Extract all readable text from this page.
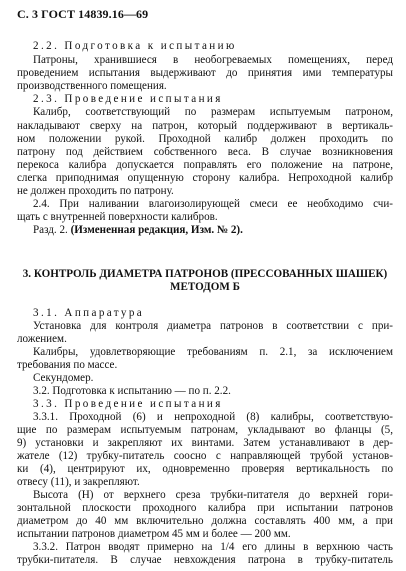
С. 3 ГОСТ 14839.16—69
2.2. Подготовка к испытанию
Патроны, хранившиеся в необогреваемых помещениях, перед
проведением испытания выдерживают до принятия ими температуры
производственного помещения.
2.3. Проведение испытания
Калибр, соответствующий по размерам испытуемым патроном,
накладывают сверху на патрон, который поддерживают в вертикаль-
ном положении рукой. Проходной калибр должен проходить по
патрону под действием собственного веса. В случае возникновения
перекоса калибра допускается поправлять его положение на патроне,
слегка приподнимая опущенную сторону калибра. Непроходной калибр
не должен проходить по патрону.
2.4. При наливании влагоизолирующей смеси ее необходимо счи-
щать с внутренней поверхности калибров.
3. КОНТРОЛЬ ДИАМЕТРА ПАТРОНОВ (ПРЕССОВАННЫХ ШАШЕК)
МЕТОДОМ Б
3.1. Аппаратура
Установка для контроля диаметра патронов в соответствии с при-
ложением.
Калибры, удовлетворяющие требованиям п. 2.1, за исключением
требования по массе.
Секундомер.
3.2. Подготовка к испытанию — по п. 2.2.
3.3. Проведение испытания
3.3.1. Проходной (6) и непроходной (8) калибры, соответствую-
щие по размерам испытуемым патронам, укладывают во фланцы (5,
9) установки и закрепляют их винтами. Затем устанавливают в дер-
жателе (12) трубку-питатель соосно с направляющей трубой установ-
ки (4), центрируют их, одновременно проверяя вертикальность по
отвесу (11), и закрепляют.
Высота (Н) от верхнего среза трубки-питателя до верхней гори-
зонтальной плоскости проходного калибра при испытании патронов
диаметром до 40 мм включительно должна составлять 400 мм, а при
испытании патронов диаметром 45 мм и более — 200 мм.
3.3.2. Патрон вводят примерно на 1/4 его длины в верхнюю часть
трубки-питателя. В случае невхождения патрона в трубку-питатель
Разд. 2. (Измененная редакция, Изм. № 2).
